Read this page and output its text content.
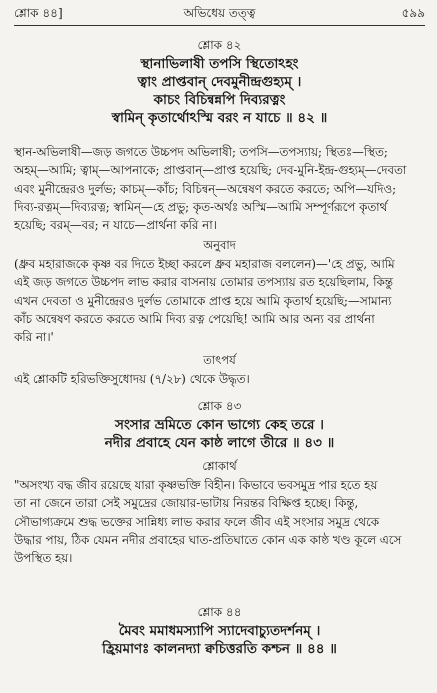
শ্লোক ৪৪]	অভিধেয় তত্ত্ব	৫৯৯
শ্লোক ৪২
স্থানাভিলাষী তপসি স্থিতোঽহং
ত্বাং প্রাপ্তবান্ দেবমুনীন্দ্রগুহ্যম্ ।
কাচং বিচিন্বন্নপি দিব্যরত্নং
স্বামিন্ কৃতার্থোঽস্মি বরং ন যাচে ॥ ৪২ ॥

স্থান-অভিলাষী—জড় জগতে উচ্চপদ অভিলাষী; তপসি—তপস্যায়; স্থিতঃ—স্থিত;

অহম্—আমি; ত্বাম্—আপনাকে; প্রাপ্তবান্—প্রাপ্ত হয়েছি; দেব-মুনি-ইন্দ্র-গুহ্যম্—দেবতা

এবং মুনীন্দ্রেরও দুর্লভ; কাচম্—কাঁচ; বিচিন্বন্—অন্বেষণ করতে করতে; অপি—যদিও;

দিব্য-রত্নম্—দিব্যরত্ন; স্বামিন্—হে প্রভু; কৃত-অর্থঃ অস্মি—আমি সম্পূর্ণরূপে কৃতার্থ

হয়েছি; বরম্—বর; ন যাচে—প্রার্থনা করি না।

অনুবাদ

(ধ্রুব মহারাজকে কৃষ্ণ বর দিতে ইচ্ছা করলে ধ্রুব মহারাজ বললেন)—'হে প্রভু, আমি

এই জড় জগতে উচ্চপদ লাভ করার বাসনায় তোমার তপস্যায় রত হয়েছিলাম, কিন্তু

এখন দেবতা ও মুনীন্দ্রেরও দুর্লভ তোমাকে প্রাপ্ত হয়ে আমি কৃতার্থ হয়েছি;—সামান্য

কাঁচ অন্বেষণ করতে করতে আমি দিব্য রত্ন পেয়েছি! আমি আর অন্য বর প্রার্থনা

করি না।'

তাৎপর্য

এই শ্লোকটি হরিভক্তিসুধোদয় (৭/২৮) থেকে উদ্ধৃত।

শ্লোক ৪৩
সংসার ভ্রমিতে কোন ভাগ্যে কেহ তরে ।
নদীর প্রবাহে যেন কাষ্ঠ লাগে তীরে ॥ ৪৩ ॥
শ্লোকার্থ

"অসংখ্য বদ্ধ জীব রয়েছে যারা কৃষ্ণভক্তি বিহীন। কিভাবে ভবসমুদ্র পার হতে হয়

তা না জেনে তারা সেই সমুদ্রের জোয়ার-ভাটায় নিরন্তর বিক্ষিপ্ত হচ্ছে। কিন্তু,

সৌভাগ্যক্রমে শুদ্ধ ভক্তের সান্নিধ্য লাভ করার ফলে জীব এই সংসার সমুদ্র থেকে

উদ্ধার পায়, ঠিক যেমন নদীর প্রবাহের ঘাত-প্রতিঘাতে কোন এক কাষ্ঠ খণ্ড কূলে এসে

উপস্থিত হয়।

শ্লোক ৪৪
মৈবং মমাধমস্যাপি স্যাদেবাচ্যুতদর্শনম্ ।
হ্রিয়মাণঃ কালনদ্যা ক্বচিত্তরতি কশ্চন ॥ ৪৪ ॥
